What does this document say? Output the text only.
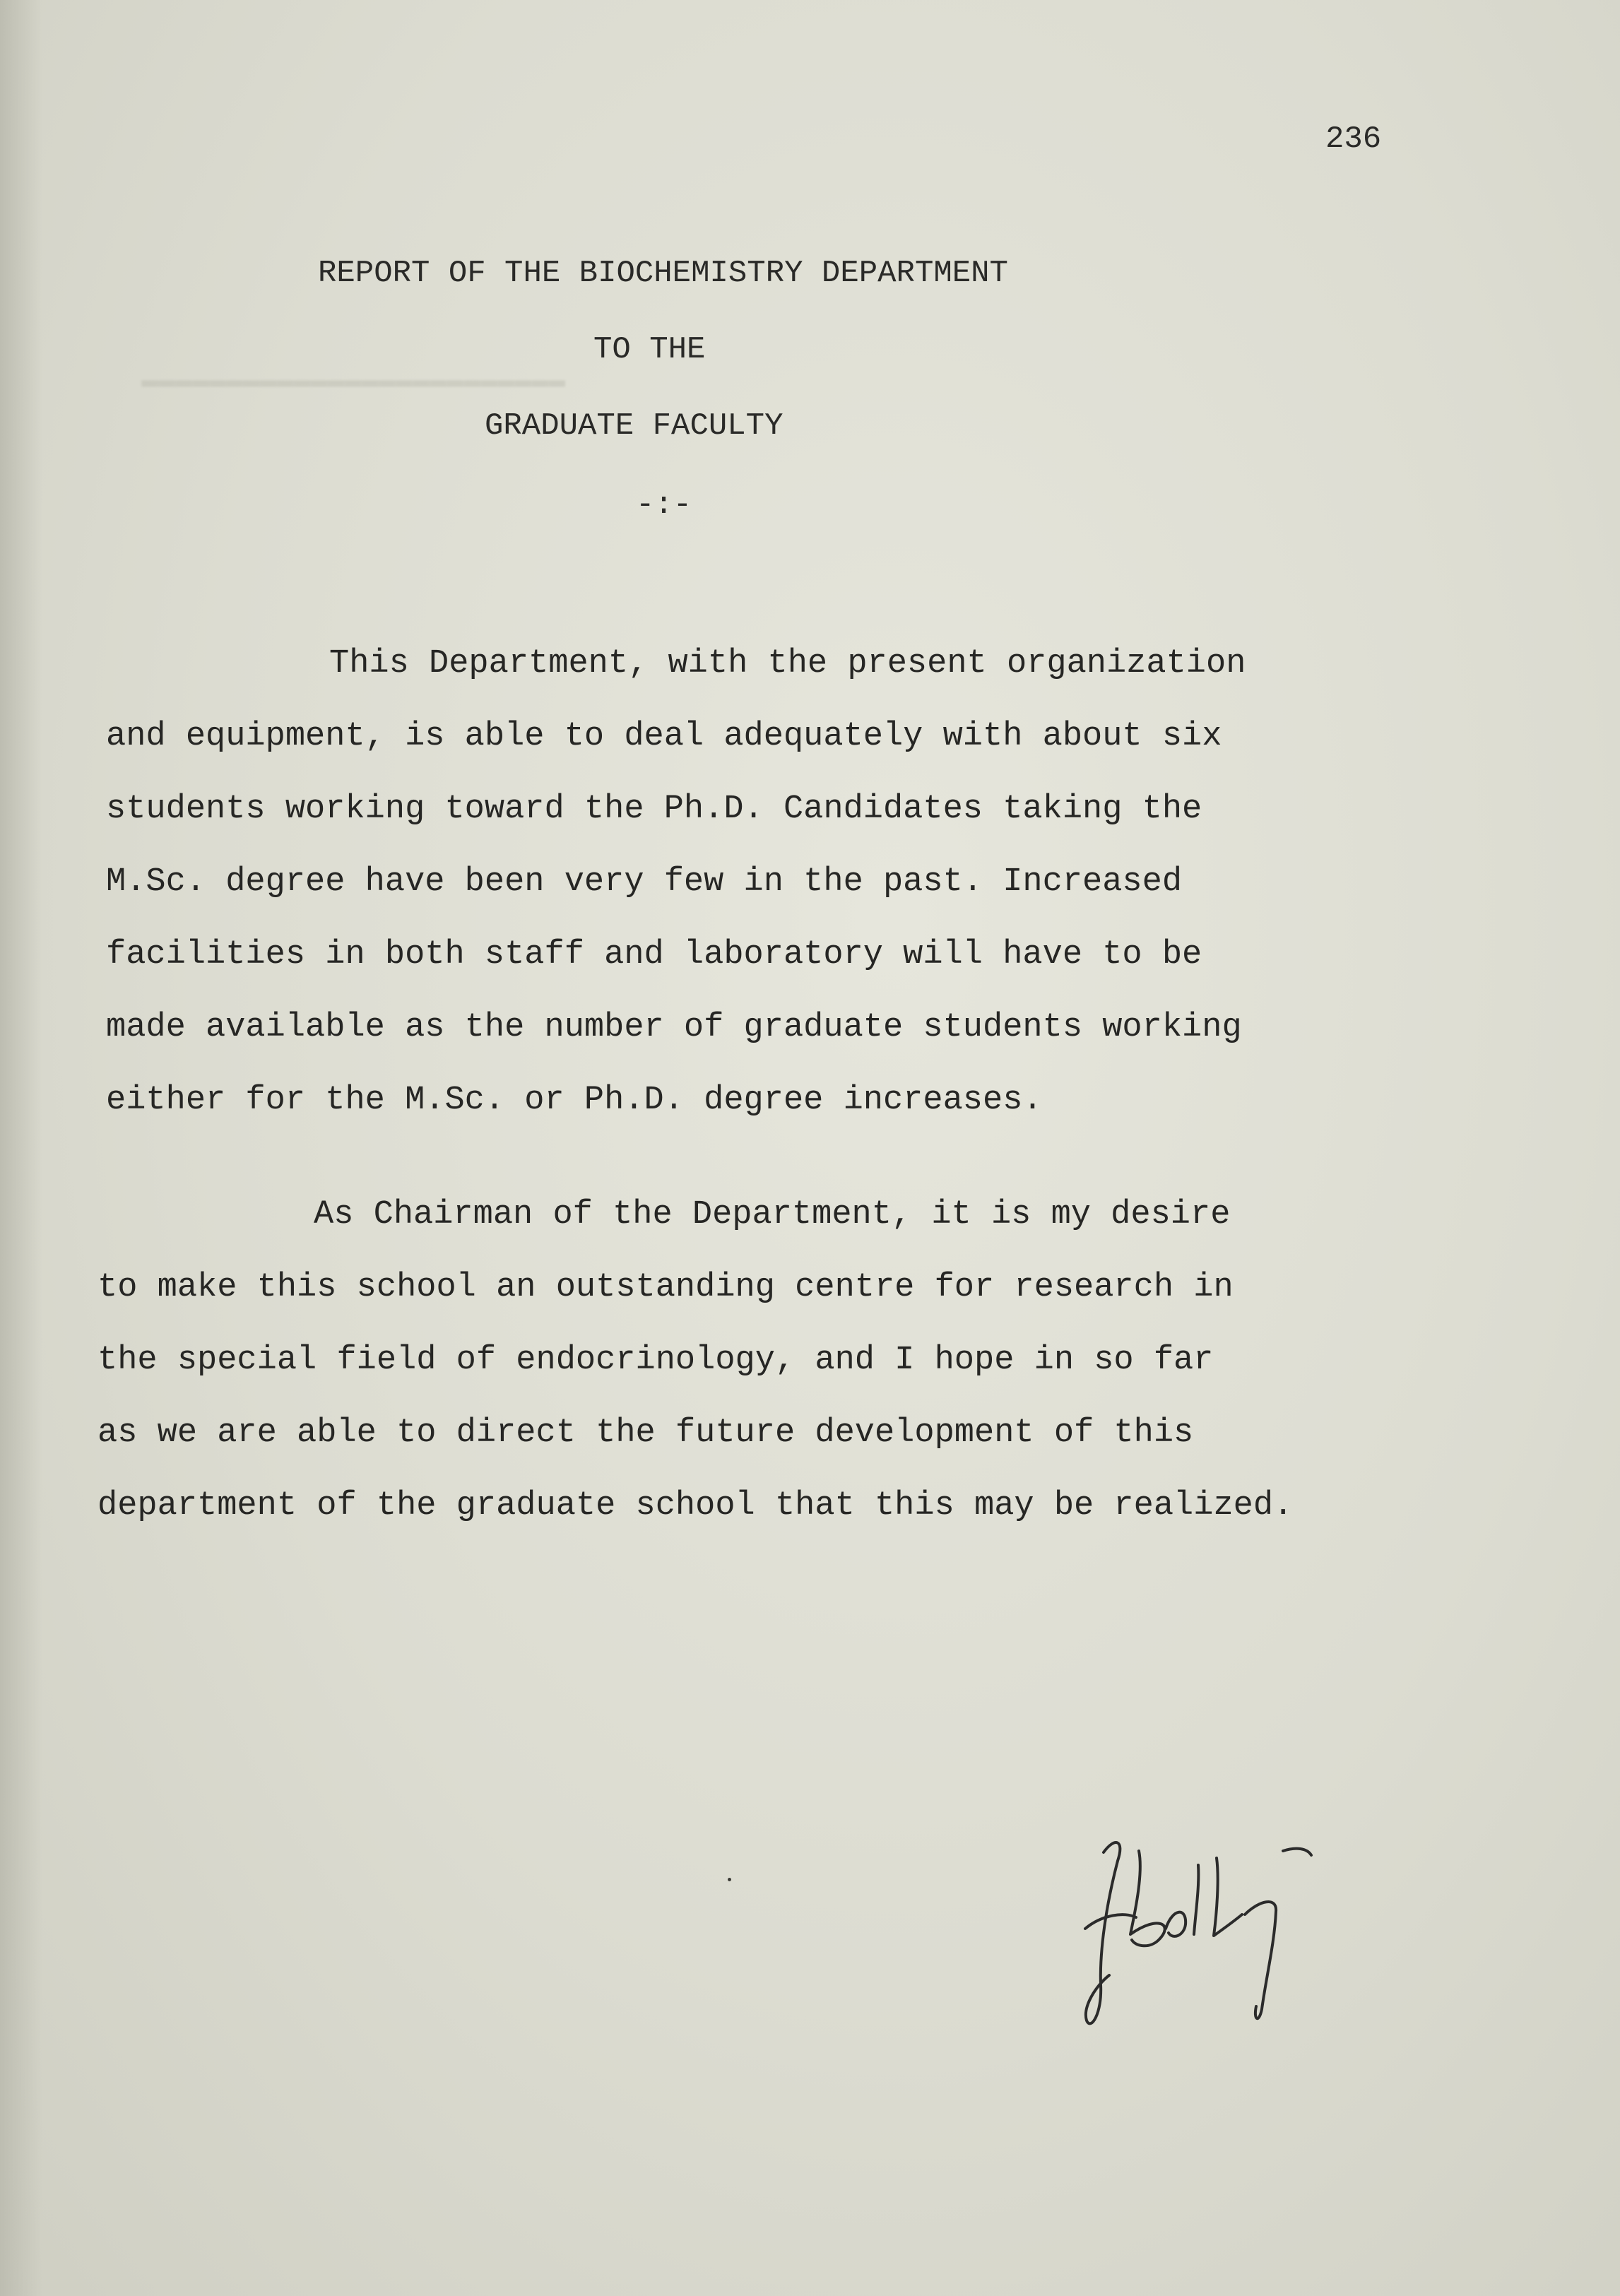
▬▬▬▬▬▬▬▬▬▬▬▬▬▬▬▬▬▬▬▬▬▬▬▬▬

236
REPORT OF THE BIOCHEMISTRY DEPARTMENT
TO THE
GRADUATE FACULTY
-:-
This Department, with the present organization
and equipment, is able to deal adequately with about six
students working toward the Ph.D. Candidates taking the
M.Sc. degree have been very few in the past. Increased
facilities in both staff and laboratory will have to be
made available as the number of graduate students working
either for the M.Sc. or Ph.D. degree increases.
As Chairman of the Department, it is my desire
to make this school an outstanding centre for research in
the special field of endocrinology, and I hope in so far
as we are able to direct the future development of this
department of the graduate school that this may be realized.
